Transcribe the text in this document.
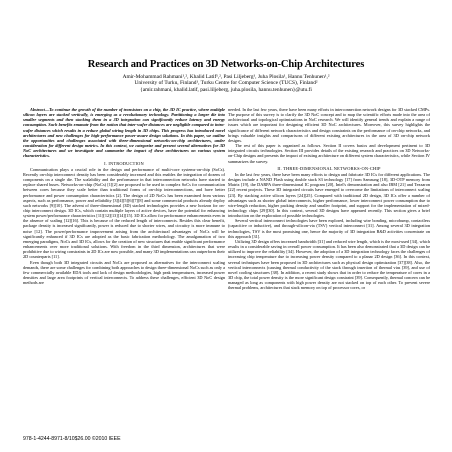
Research and Practices on 3D Networks-on-Chip Architectures
Amir-Mohammad Rahmani¹,², Khalid Latif¹,², Pasi Liljeberg¹, Juha Plosila¹, Hannu Tenhunen¹,²
University of Turku, Finland¹, Turku Centre for Computer Science (TUCS), Finland²
{amir.rahmani, khalid.latif, pasi.liljeberg, juha.plosila, hannu.tenhunen}@utu.fi

Abstract—To continue the growth of the number of transistors on a chip, the 3D IC practice, where multiple silicon layers are stacked vertically, is emerging as a revolutionary technology. Partitioning a larger die into smaller segments and then stacking them in a 3D integration can significantly reduce latency and energy consumption. Such benefits emanate from the notion that inter-wafer distances are negligible compared to intra-wafer distances which results in a reduce global wiring length in 3D chips. This progress has introduced novel architectures and new challenges for high-performance power-aware design solutions. In this paper, we outline the opportunities and challenges associated with three-dimensional networks-on-chip architectures, under consideration for different design metrics. In this context, we categorize and present several alternatives for 3D NoC architectures and we investigate and summarize the impact of these architectures on various system characteristics.

I. INTRODUCTION

Communication plays a crucial role in the design and performance of multi-core systems-on-chip (SoCs). Recently on-chip interconnect density has been considerably increased and this enables the integration of dozens of components on a single die. The scalability and the performance in that interconnection networks have started to replace shared buses. Networks-on-chip (NoCs) [1][2] are proposed to be used in complex SoCs for communication between cores because they scale better than traditional forms of on-chip interconnections, and have better performance and power consumption characteristics [2]. The design of 2D NoCs has been examined from various aspects, such as performance, power and reliability [3][4][5][6][7][8] and some commercial products already deploy such networks [9][10]. The advent of three-dimensional (3D) stacked technologies provides a new horizon for on-chip interconnect design. 3D ICs, which contain multiple layers of active devices, have the potential for enhancing system power/performance characteristics [11][12][13][14][15]. 3D ICs allow for performance enhancements even in the absence of scaling [12][16]. This is because of the reduced length of interconnects. Besides this clear benefit, package density is increased significantly, power is reduced due to shorter wires, and circuitry is more immune to noise [12]. The power/performance improvement arising from the architectural advantages of NoCs will be significantly enhanced if 3D ICs are adopted as the basic fabrication methodology. The amalgamation of two emerging paradigms, NoCs and 3D ICs, allows for the creation of new structures that enable significant performance enhancements over more traditional solutions. With freedom in the third dimension, architectures that were prohibitive due to wiring constraints in 2D ICs are now possible, and many 3D implementations can outperform their 2D counterparts [11].

Even though both 3D integrated circuits and NoCs are proposed as alternatives for the interconnect scaling demands, there are some challenges for combining both approaches to design three-dimensional NoCs such as only a few commercially available EDA tools and lack of design methodologies, high peak temperatures, increased power densities and large area footprints of vertical interconnects. To address these challenges, efficient 3D NoC design methods are

needed. In the last few years, there have been many efforts in interconnection network designs for 3D stacked CMPs. The purpose of this survey is to clarify the 3D NoC concept and to map the scientific efforts made into the area of architectural and topological optimizations in NoC research. We will identify general trends and explain a range of issues which are important for designing efficient 3D NoC architectures. Moreover, this survey highlights the significance of different network characteristics and design constraints on the performance of on-chip networks, and brings valuable insights and comparisons of different existing architectures in the area of 3D on-chip network designs.

The rest of this paper is organized as follows. Section II covers basics and development pertinent to 3D integrated circuits technologies. Section III provides details of the existing research and practices on 3D Networks-on-Chip designs and presents the impact of existing architecture on different system characteristics, while Section IV summarizes the survey.

II. THREE-DIMENSIONAL NETWORKS-ON-CHIP

In the last few years, there have been many efforts to design and fabricate 3D ICs for different applications. The designs include a NAND Flash using double stack S3 technology [17] from Samsung [18], 3D-OTP memory from Matrix [19], the DARPA three-dimensional IC program [20], Intel's demonstration and also IBM [21] and Tezzaron [22] recent projects. These 3D integrated circuits have emerged to overcome the limitations of interconnect scaling [23]. By stacking active silicon layers [24][25]. Compared with traditional 2D design, 3D ICs offer a number of advantages such as shorter global interconnects, higher performance, lower interconnect power consumption due to wire-length reduction, higher packing density and smaller footprint, and support for the implementation of mixed-technology chips [29][30]. In this context, several 3D designs have appeared recently. This section gives a brief introduction on the exploration of possible technologies.

Several vertical interconnect technologies have been explored, including wire bonding, microbump, contactless (capacitive or inductive), and through-silicon-via (TSV) vertical interconnect [31]. Among several 3D integration technologies, TSV is the most promising one, hence the majority of 3D integration R&D activities concentrate on this approach [31].

Utilizing 3D design offers increased bandwidth [31] and reduced wire length, which is the most-used [34], which results in a considerable saving in overall power consumption. It has been also demonstrated that a 3D design can be utilized to improve the reliability [34]. However, the adoption of a 3D integration technology faces the challenges of increasing chip temperature due to increasing power density compared to a planar 2D design [36]. In this context, several techniques have been proposed in 3D architectures such as physical design optimization [37][38]. Also, the vertical interconnects (causing thermal conductivity of the stack through insertion of thermal vias [39], and use of novel cooling structures [38]. In addition, a recent study shows that in order to reduce the temperature of cores in a 3D chip, the total power density is the more significant design constraint [39]. Consequently, thermal concern can be managed as long as components with high power density are not stacked on top of each other. To prevent severe thermal problems, architectures that stack memory on top of processor cores, or

978-1-4244-8971-8/10$26.00 ©2010 IEEE
